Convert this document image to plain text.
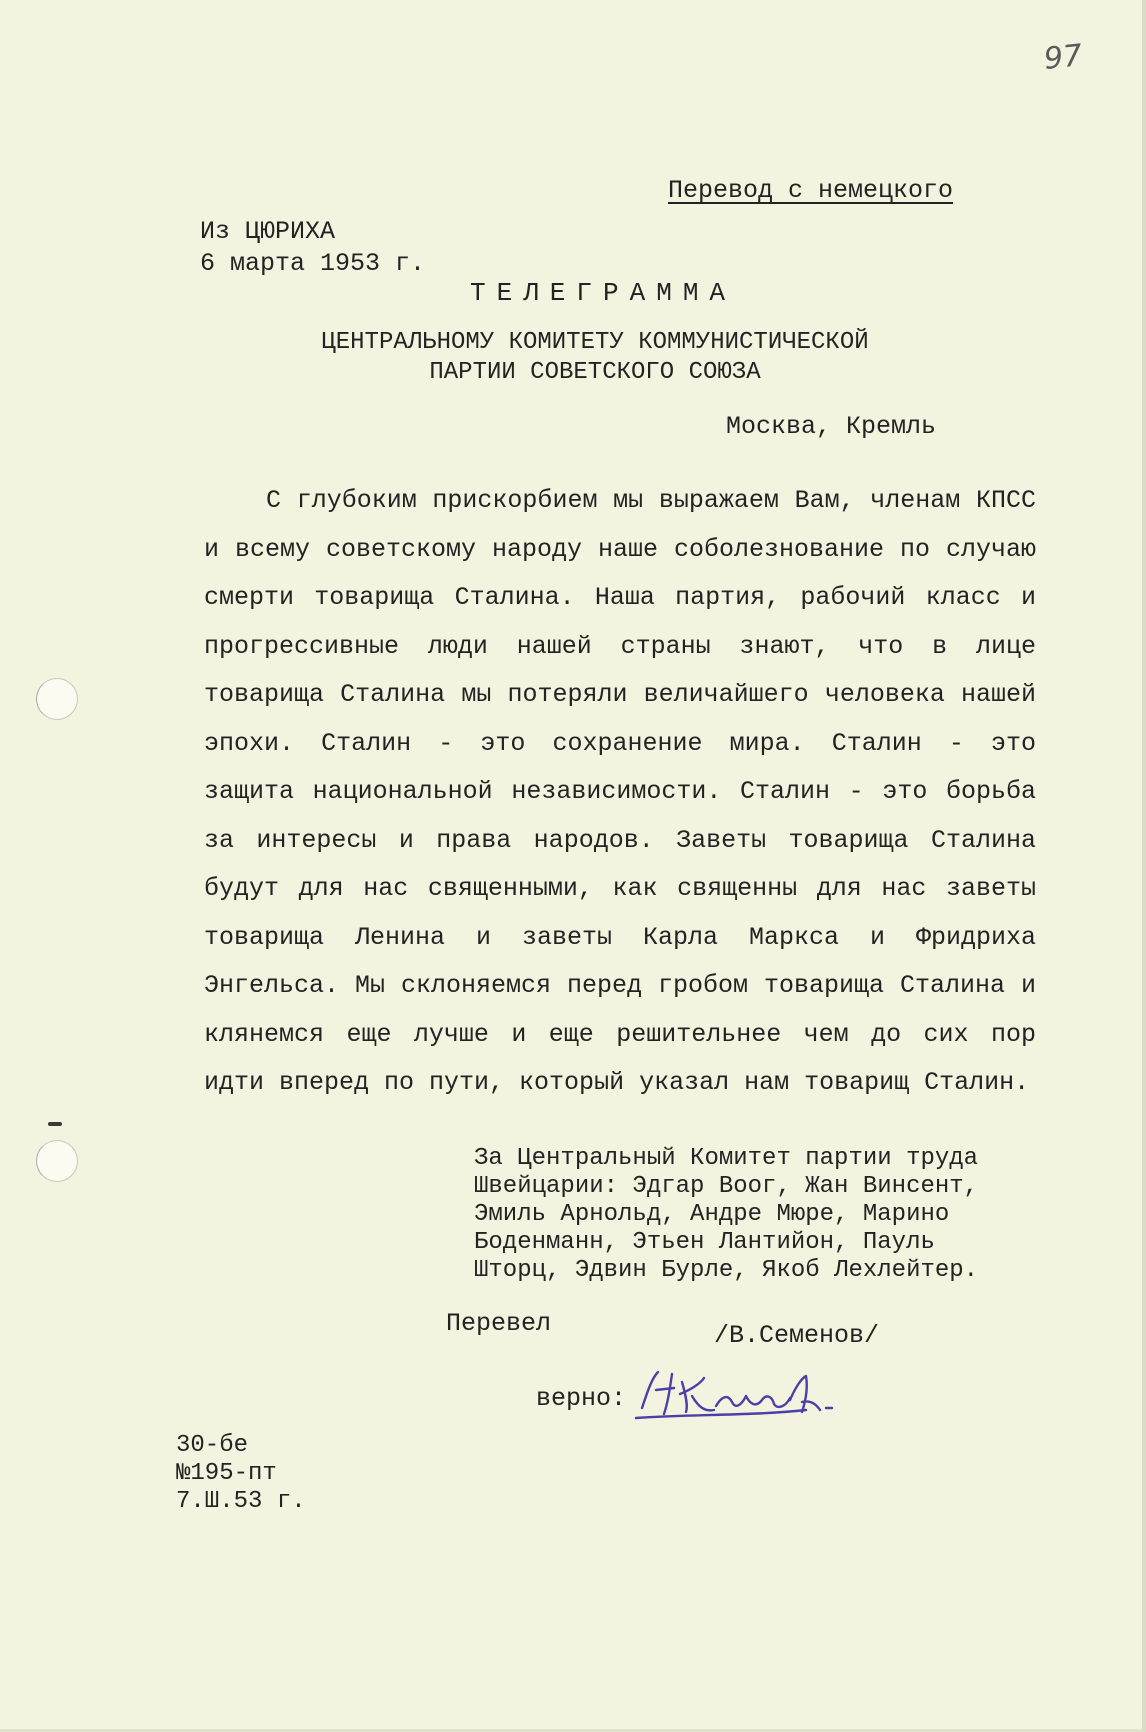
97
Перевод с немецкого
Из ЦЮРИХА
6 марта 1953 г.
ТЕЛЕГРАММА
ЦЕНТРАЛЬНОМУ КОМИТЕТУ КОММУНИСТИЧЕСКОЙ
ПАРТИИ СОВЕТСКОГО СОЮЗА
Москва, Кремль
С глубоким прискорбием мы выражаем Вам, членам КПСС и всему советскому народу наше соболезнование по случаю смерти товарища Сталина. Наша партия, рабочий класс и прогрессивные люди нашей страны знают, что в лице товарища Сталина мы потеряли величайшего человека нашей эпохи. Сталин - это сохранение мира. Сталин - это защита национальной независимости. Сталин - это борьба за интересы и права народов. Заветы товарища Сталина будут для нас священными, как священны для нас заветы товарища Ленина и заветы Карла Маркса и Фридриха Энгельса. Мы склоняемся перед гробом товарища Сталина и клянемся еще лучше и еще решительнее чем до сих пор идти вперед по пути, который указал нам товарищ Сталин.
За Центральный Комитет партии труда
Швейцарии: Эдгар Воог, Жан Винсент,
Эмиль Арнольд, Андре Мюре, Марино
Боденманн, Этьен Лантийон, Пауль
Шторц, Эдвин Бурле, Якоб Лехлейтер.
Перевел	/В.Семенов/
верно:
30-бе
№195-пт
7.Ш.53 г.
